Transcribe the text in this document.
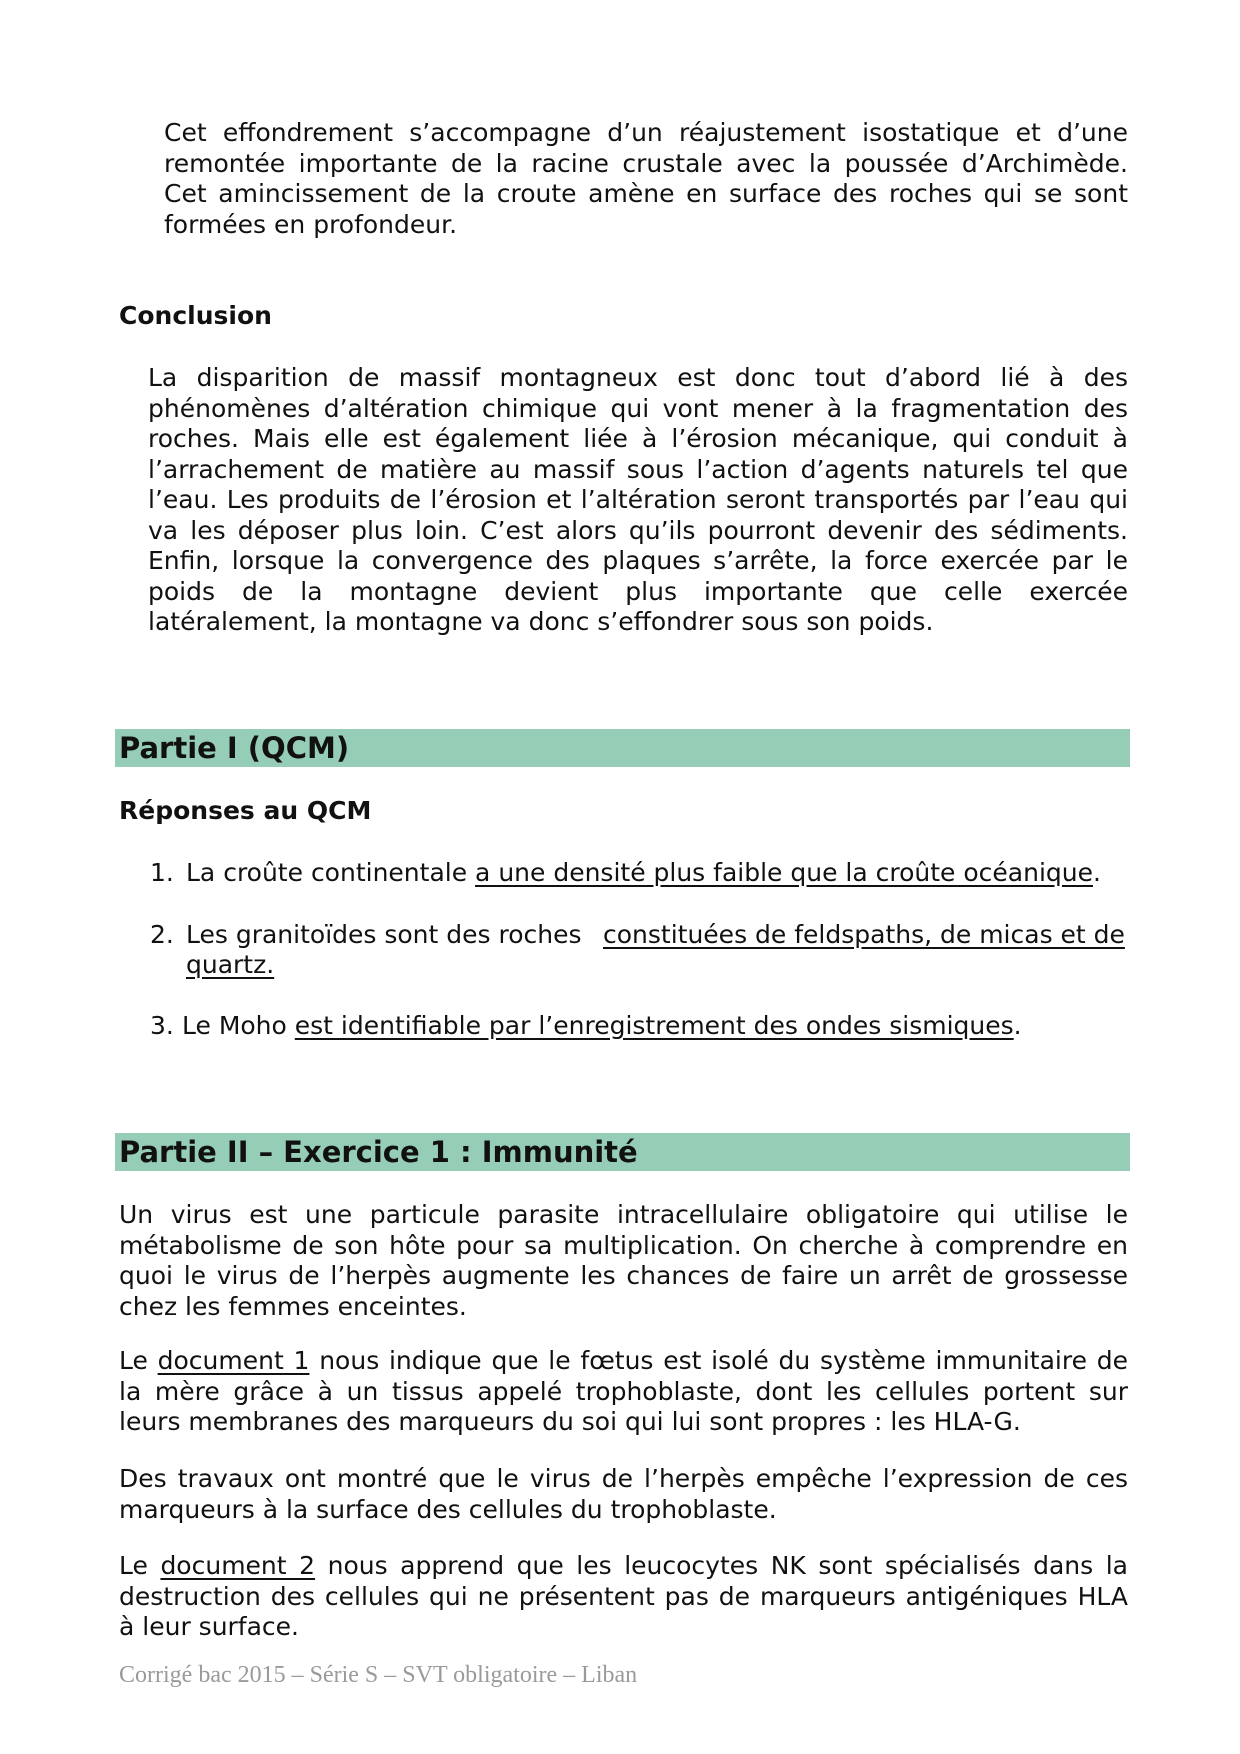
Cet effondrement s’accompagne d’un réajustement isostatique et d’une remontée importante de la racine crustale avec la poussée d’Archimède. Cet amincissement de la croute amène en surface des roches qui se sont formées en profondeur.

Conclusion

La disparition de massif montagneux est donc tout d’abord lié à des phénomènes d’altération chimique qui vont mener à la fragmentation des roches. Mais elle est également liée à l’érosion mécanique, qui conduit à l’arrachement de matière au massif sous l’action d’agents naturels tel que l’eau. Les produits de l’érosion et l’altération seront transportés par l’eau qui va les déposer plus loin. C’est alors qu’ils pourront devenir des sédiments. Enfin, lorsque la convergence des plaques s’arrête, la force exercée par le poids de la montagne devient plus importante que celle exercée latéralement, la montagne va donc s’effondrer sous son poids.

Partie I (QCM)
Réponses au QCM
1. La croûte continentale a une densité plus faible que la croûte océanique.
2. Les granitoïdes sont des roches constituées de feldspaths, de micas et de
quartz.
3. Le Moho est identifiable par l’enregistrement des ondes sismiques.
Partie II – Exercice 1 : Immunité

Un virus est une particule parasite intracellulaire obligatoire qui utilise le métabolisme de son hôte pour sa multiplication. On cherche à comprendre en quoi le virus de l’herpès augmente les chances de faire un arrêt de grossesse chez les femmes enceintes.

Le document 1 nous indique que le fœtus est isolé du système immunitaire de la mère grâce à un tissus appelé trophoblaste, dont les cellules portent sur leurs membranes des marqueurs du soi qui lui sont propres : les HLA-G.

Des travaux ont montré que le virus de l’herpès empêche l’expression de ces marqueurs à la surface des cellules du trophoblaste.

Le document 2 nous apprend que les leucocytes NK sont spécialisés dans la destruction des cellules qui ne présentent pas de marqueurs antigéniques HLA à leur surface.

Corrigé bac 2015 – Série S – SVT obligatoire – Liban
